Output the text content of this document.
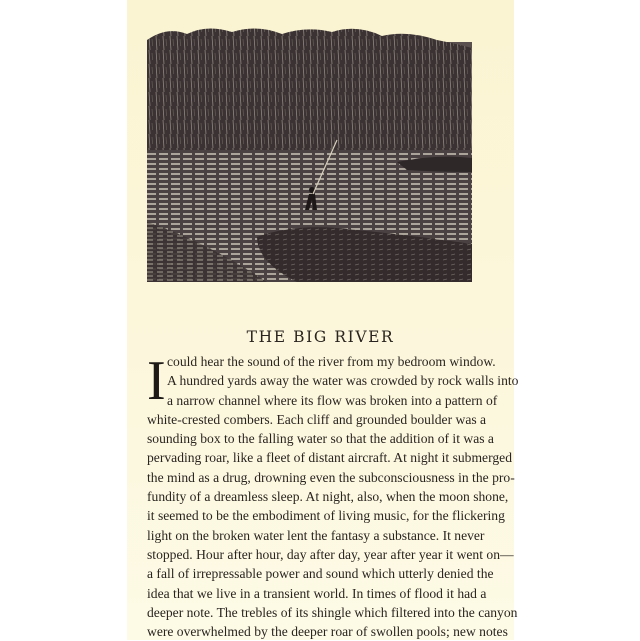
THE BIG RIVER
I could hear the sound of the river from my bedroom window.
A hundred yards away the water was crowded by rock walls into
a narrow channel where its flow was broken into a pattern of
white-crested combers. Each cliff and grounded boulder was a
sounding box to the falling water so that the addition of it was a
pervading roar, like a fleet of distant aircraft. At night it submerged
the mind as a drug, drowning even the subconsciousness in the pro-
fundity of a dreamless sleep. At night, also, when the moon shone,
it seemed to be the embodiment of living music, for the flickering
light on the broken water lent the fantasy a substance. It never
stopped. Hour after hour, day after day, year after year it went on—
a fall of irrepressable power and sound which utterly denied the
idea that we live in a transient world. In times of flood it had a
deeper note. The trebles of its shingle which filtered into the canyon
were overwhelmed by the deeper roar of swollen pools; new notes
